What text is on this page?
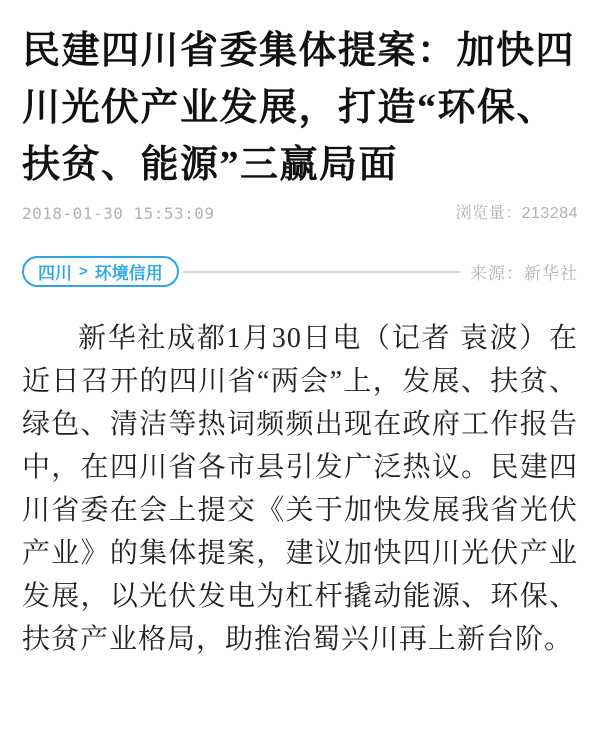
民建四川省委集体提案：加快四川光伏产业发展，打造“环保、扶贫、能源”三赢局面
2018-01-30 15:53:09	浏览量：213284
四川 > 环境信用	来源：新华社

新华社成都1月30日电（记者 袁波）在近日召开的四川省“两会”上，发展、扶贫、绿色、清洁等热词频频出现在政府工作报告中，在四川省各市县引发广泛热议。民建四川省委在会上提交《关于加快发展我省光伏产业》的集体提案，建议加快四川光伏产业发展，以光伏发电为杠杆撬动能源、环保、扶贫产业格局，助推治蜀兴川再上新台阶。
